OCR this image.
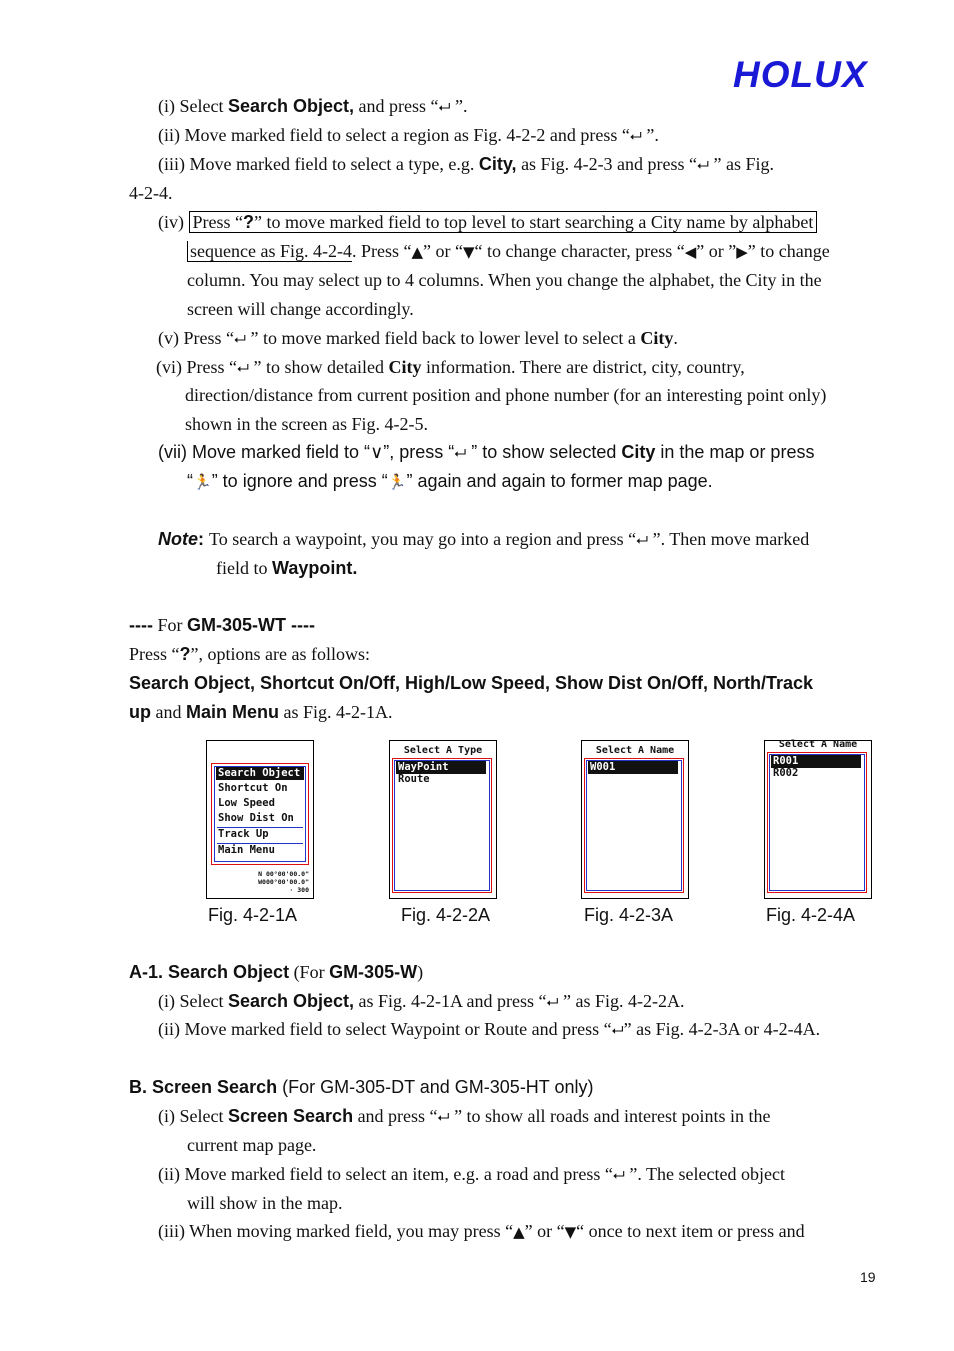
HOLUX
(i) Select Search Object, and press “⮠ ”.
(ii) Move marked field to select a region as Fig. 4-2-2 and press “⮠ ”.
(iii) Move marked field to select a type, e.g. City, as Fig. 4-2-3 and press “⮠ ” as Fig.
4-2-4.
(iv) Press “?” to move marked field to top level to start searching a City name by alphabet
sequence as Fig. 4-2-4. Press “▲” or “▼“ to change character, press “◀” or ”▶” to change
column. You may select up to 4 columns. When you change the alphabet, the City in the
screen will change accordingly.
(v) Press “⮠ ” to move marked field back to lower level to select a City.
(vi) Press “⮠ ” to show detailed City information. There are district, city, country,
direction/distance from current position and phone number (for an interesting point only)
shown in the screen as Fig. 4-2-5.
(vii) Move marked field to “∨”, press “⮠ ” to show selected City in the map or press
“🏃” to ignore and press “🏃” again and again to former map page.
Note: To search a waypoint, you may go into a region and press “⮠ ”. Then move marked
field to Waypoint.
---- For GM-305-WT ----
Press “?”, options are as follows:
Search Object, Shortcut On/Off, High/Low Speed, Show Dist On/Off, North/Track
up and Main Menu as Fig. 4-2-1A.
Search Object
Shortcut On
Low Speed
Show Dist On
Track Up
Main Menu
N 00°00'00.0"
W000°00'00.0"
· 300
Select A Type
WayPoint
Route
Select A Name
W001
Select A Name
R001
R002
Fig. 4-2-1A	Fig. 4-2-2A	Fig. 4-2-3A	Fig. 4-2-4A
A-1. Search Object (For GM-305-W)
(i) Select Search Object, as Fig. 4-2-1A and press “⮠ ” as Fig. 4-2-2A.
(ii) Move marked field to select Waypoint or Route and press “⮠” as Fig. 4-2-3A or 4-2-4A.
B. Screen Search (For GM-305-DT and GM-305-HT only)
(i) Select Screen Search and press “⮠ ” to show all roads and interest points in the
current map page.
(ii) Move marked field to select an item, e.g. a road and press “⮠ ”. The selected object
will show in the map.
(iii) When moving marked field, you may press “▲” or “▼“ once to next item or press and
19
